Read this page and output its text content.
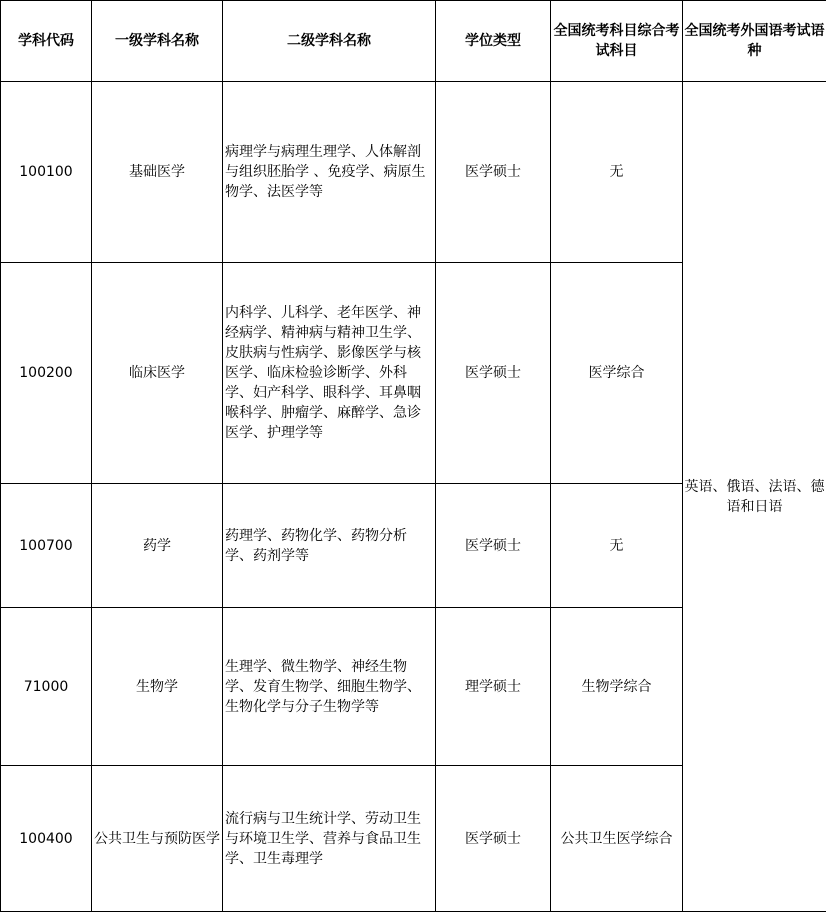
学科代码	一级学科名称	二级学科名称	学位类型	全国统考科目综合考试科目	全国统考外国语考试语种
100100	基础医学	病理学与病理生理学、人体解剖与组织胚胎学 、免疫学、病原生物学、法医学等	医学硕士	无	英语、俄语、法语、德语和日语
100200	临床医学	内科学、儿科学、老年医学、神经病学、精神病与精神卫生学、皮肤病与性病学、影像医学与核医学、临床检验诊断学、外科学、妇产科学、眼科学、耳鼻咽喉科学、肿瘤学、麻醉学、急诊医学、护理学等	医学硕士	医学综合	
100700	药学	药理学、药物化学、药物分析学、药剂学等	医学硕士	无	
71000	生物学	生理学、微生物学、神经生物学、发育生物学、细胞生物学、生物化学与分子生物学等	理学硕士	生物学综合	
100400	公共卫生与预防医学	流行病与卫生统计学、劳动卫生与环境卫生学、营养与食品卫生学、卫生毒理学	医学硕士	公共卫生医学综合	
